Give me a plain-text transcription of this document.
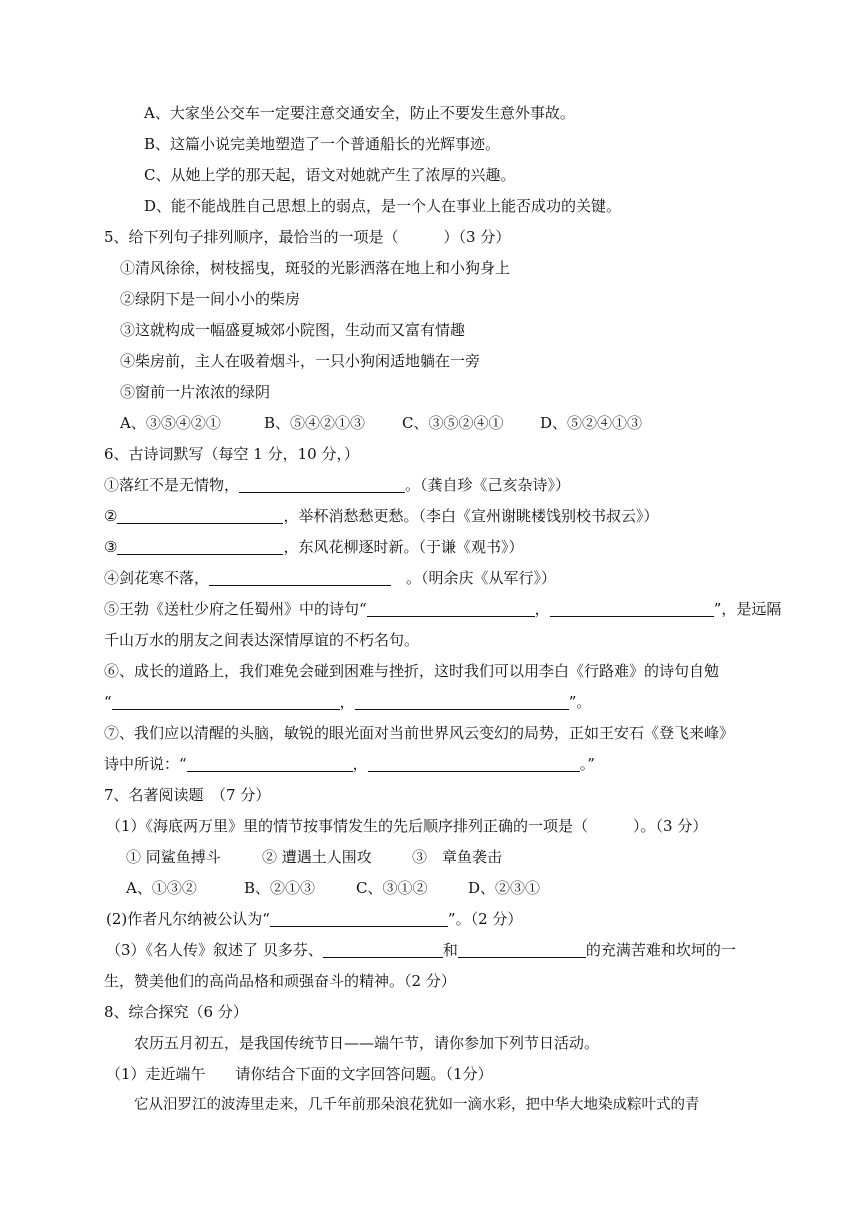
A、大家坐公交车一定要注意交通安全，防止不要发生意外事故。
B、这篇小说完美地塑造了一个普通船长的光辉事迹。
C、从她上学的那天起，语文对她就产生了浓厚的兴趣。
D、能不能战胜自己思想上的弱点，是一个人在事业上能否成功的关键。
5、给下列句子排列顺序，最恰当的一项是（　　　）（3 分）
①清风徐徐，树枝摇曳，斑驳的光影洒落在地上和小狗身上
②绿阴下是一间小小的柴房
③这就构成一幅盛夏城郊小院图，生动而又富有情趣
④柴房前，主人在吸着烟斗，一只小狗闲适地躺在一旁
⑤窗前一片浓浓的绿阴
A、③⑤④②①	B、⑤④②①③ C、③⑤②④① D、⑤②④①③
6、古诗词默写（每空 1 分，10 分，）
①落红不是无情物，	。（龚自珍《己亥杂诗》）
②	，举杯消愁愁更愁。（李白《宣州谢眺楼饯别校书叔云》）
③	，东风花柳逐时新。（于谦《观书》）
④剑花寒不落，	　。（明余庆《从军行》）
⑤王勃《送杜少府之任蜀州》中的诗句“	，	”，是远隔
千山万水的朋友之间表达深情厚谊的不朽名句。
⑥、成长的道路上，我们难免会碰到困难与挫折，这时我们可以用李白《行路难》的诗句自勉
“	，	”。
⑦、我们应以清醒的头脑，敏锐的眼光面对当前世界风云变幻的局势，正如王安石《登飞来峰》
诗中所说：“	，	。”
7、名著阅读题　（7 分）
（1）《海底两万里》里的情节按事情发生的先后顺序排列正确的一项是（　　　）。（3 分）
① 同鲨鱼搏斗	② 遭遇土人围攻	③　章鱼袭击
A、①③②	B、②①③	C、③①②	D、②③①
(2)作者凡尔纳被公认为“	”。（2 分）
（3）《名人传》叙述了 贝多芬、	和	的充满苦难和坎坷的一
生，赞美他们的高尚品格和顽强奋斗的精神。（2 分）
8、综合探究（6 分）
农历五月初五，是我国传统节日——端午节，请你参加下列节日活动。
（1）走近端午　　请你结合下面的文字回答问题。（1分）
它从汨罗江的波涛里走来，几千年前那朵浪花犹如一滴水彩，把中华大地染成粽叶式的青
